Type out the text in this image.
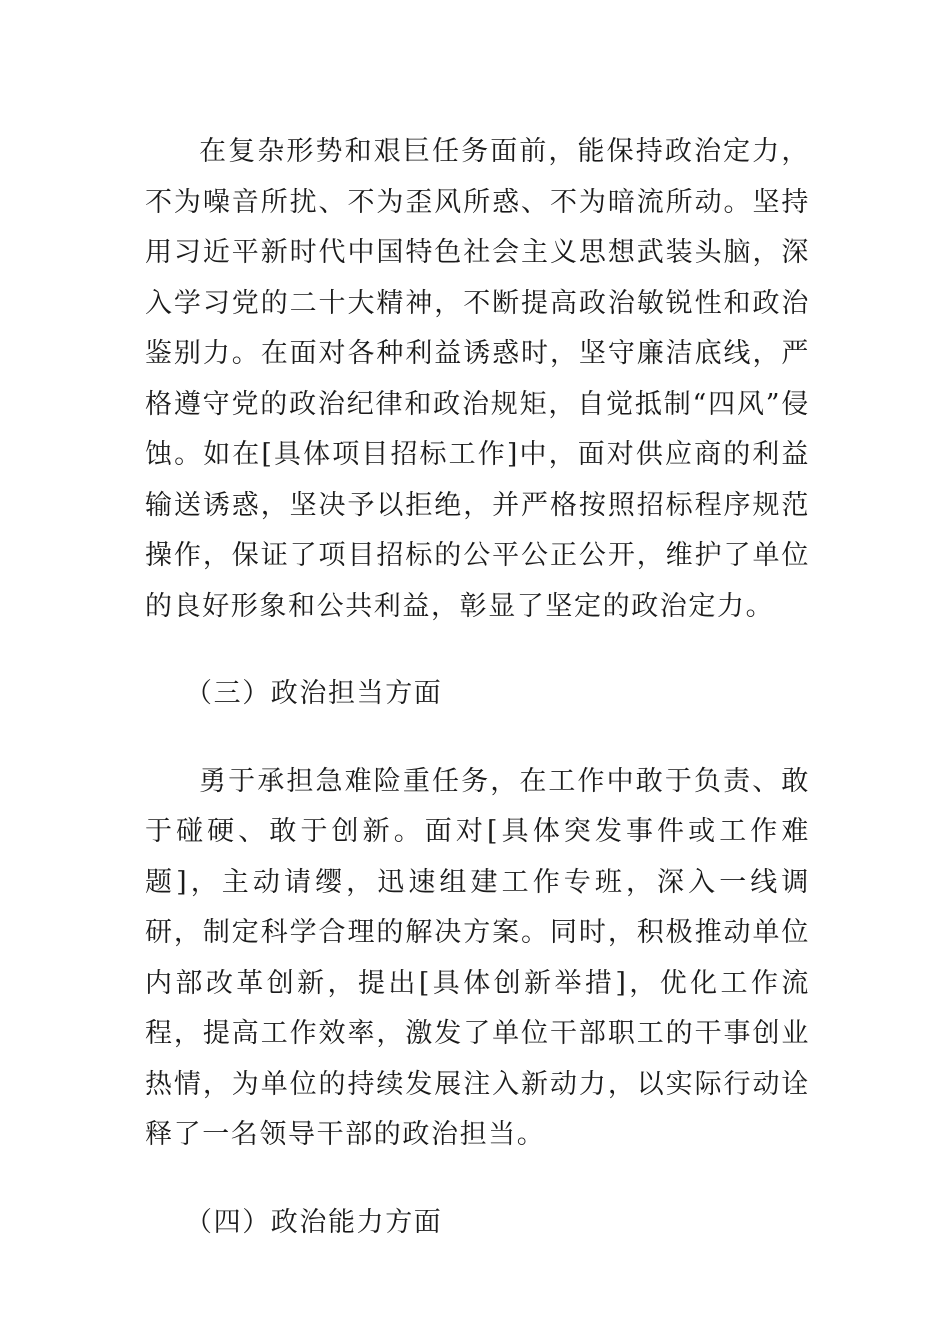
在复杂形势和艰巨任务面前，能保持政治定力，不为噪音所扰、不为歪风所惑、不为暗流所动。坚持用习近平新时代中国特色社会主义思想武装头脑，深入学习党的二十大精神，不断提高政治敏锐性和政治鉴别力。在面对各种利益诱惑时，坚守廉洁底线，严格遵守党的政治纪律和政治规矩，自觉抵制“四风”侵蚀。如在[具体项目招标工作]中，面对供应商的利益输送诱惑，坚决予以拒绝，并严格按照招标程序规范操作，保证了项目招标的公平公正公开，维护了单位的良好形象和公共利益，彰显了坚定的政治定力。

（三）政治担当方面

勇于承担急难险重任务，在工作中敢于负责、敢于碰硬、敢于创新。面对[具体突发事件或工作难题]，主动请缨，迅速组建工作专班，深入一线调研，制定科学合理的解决方案。同时，积极推动单位内部改革创新，提出[具体创新举措]，优化工作流程，提高工作效率，激发了单位干部职工的干事创业热情，为单位的持续发展注入新动力，以实际行动诠释了一名领导干部的政治担当。

（四）政治能力方面
